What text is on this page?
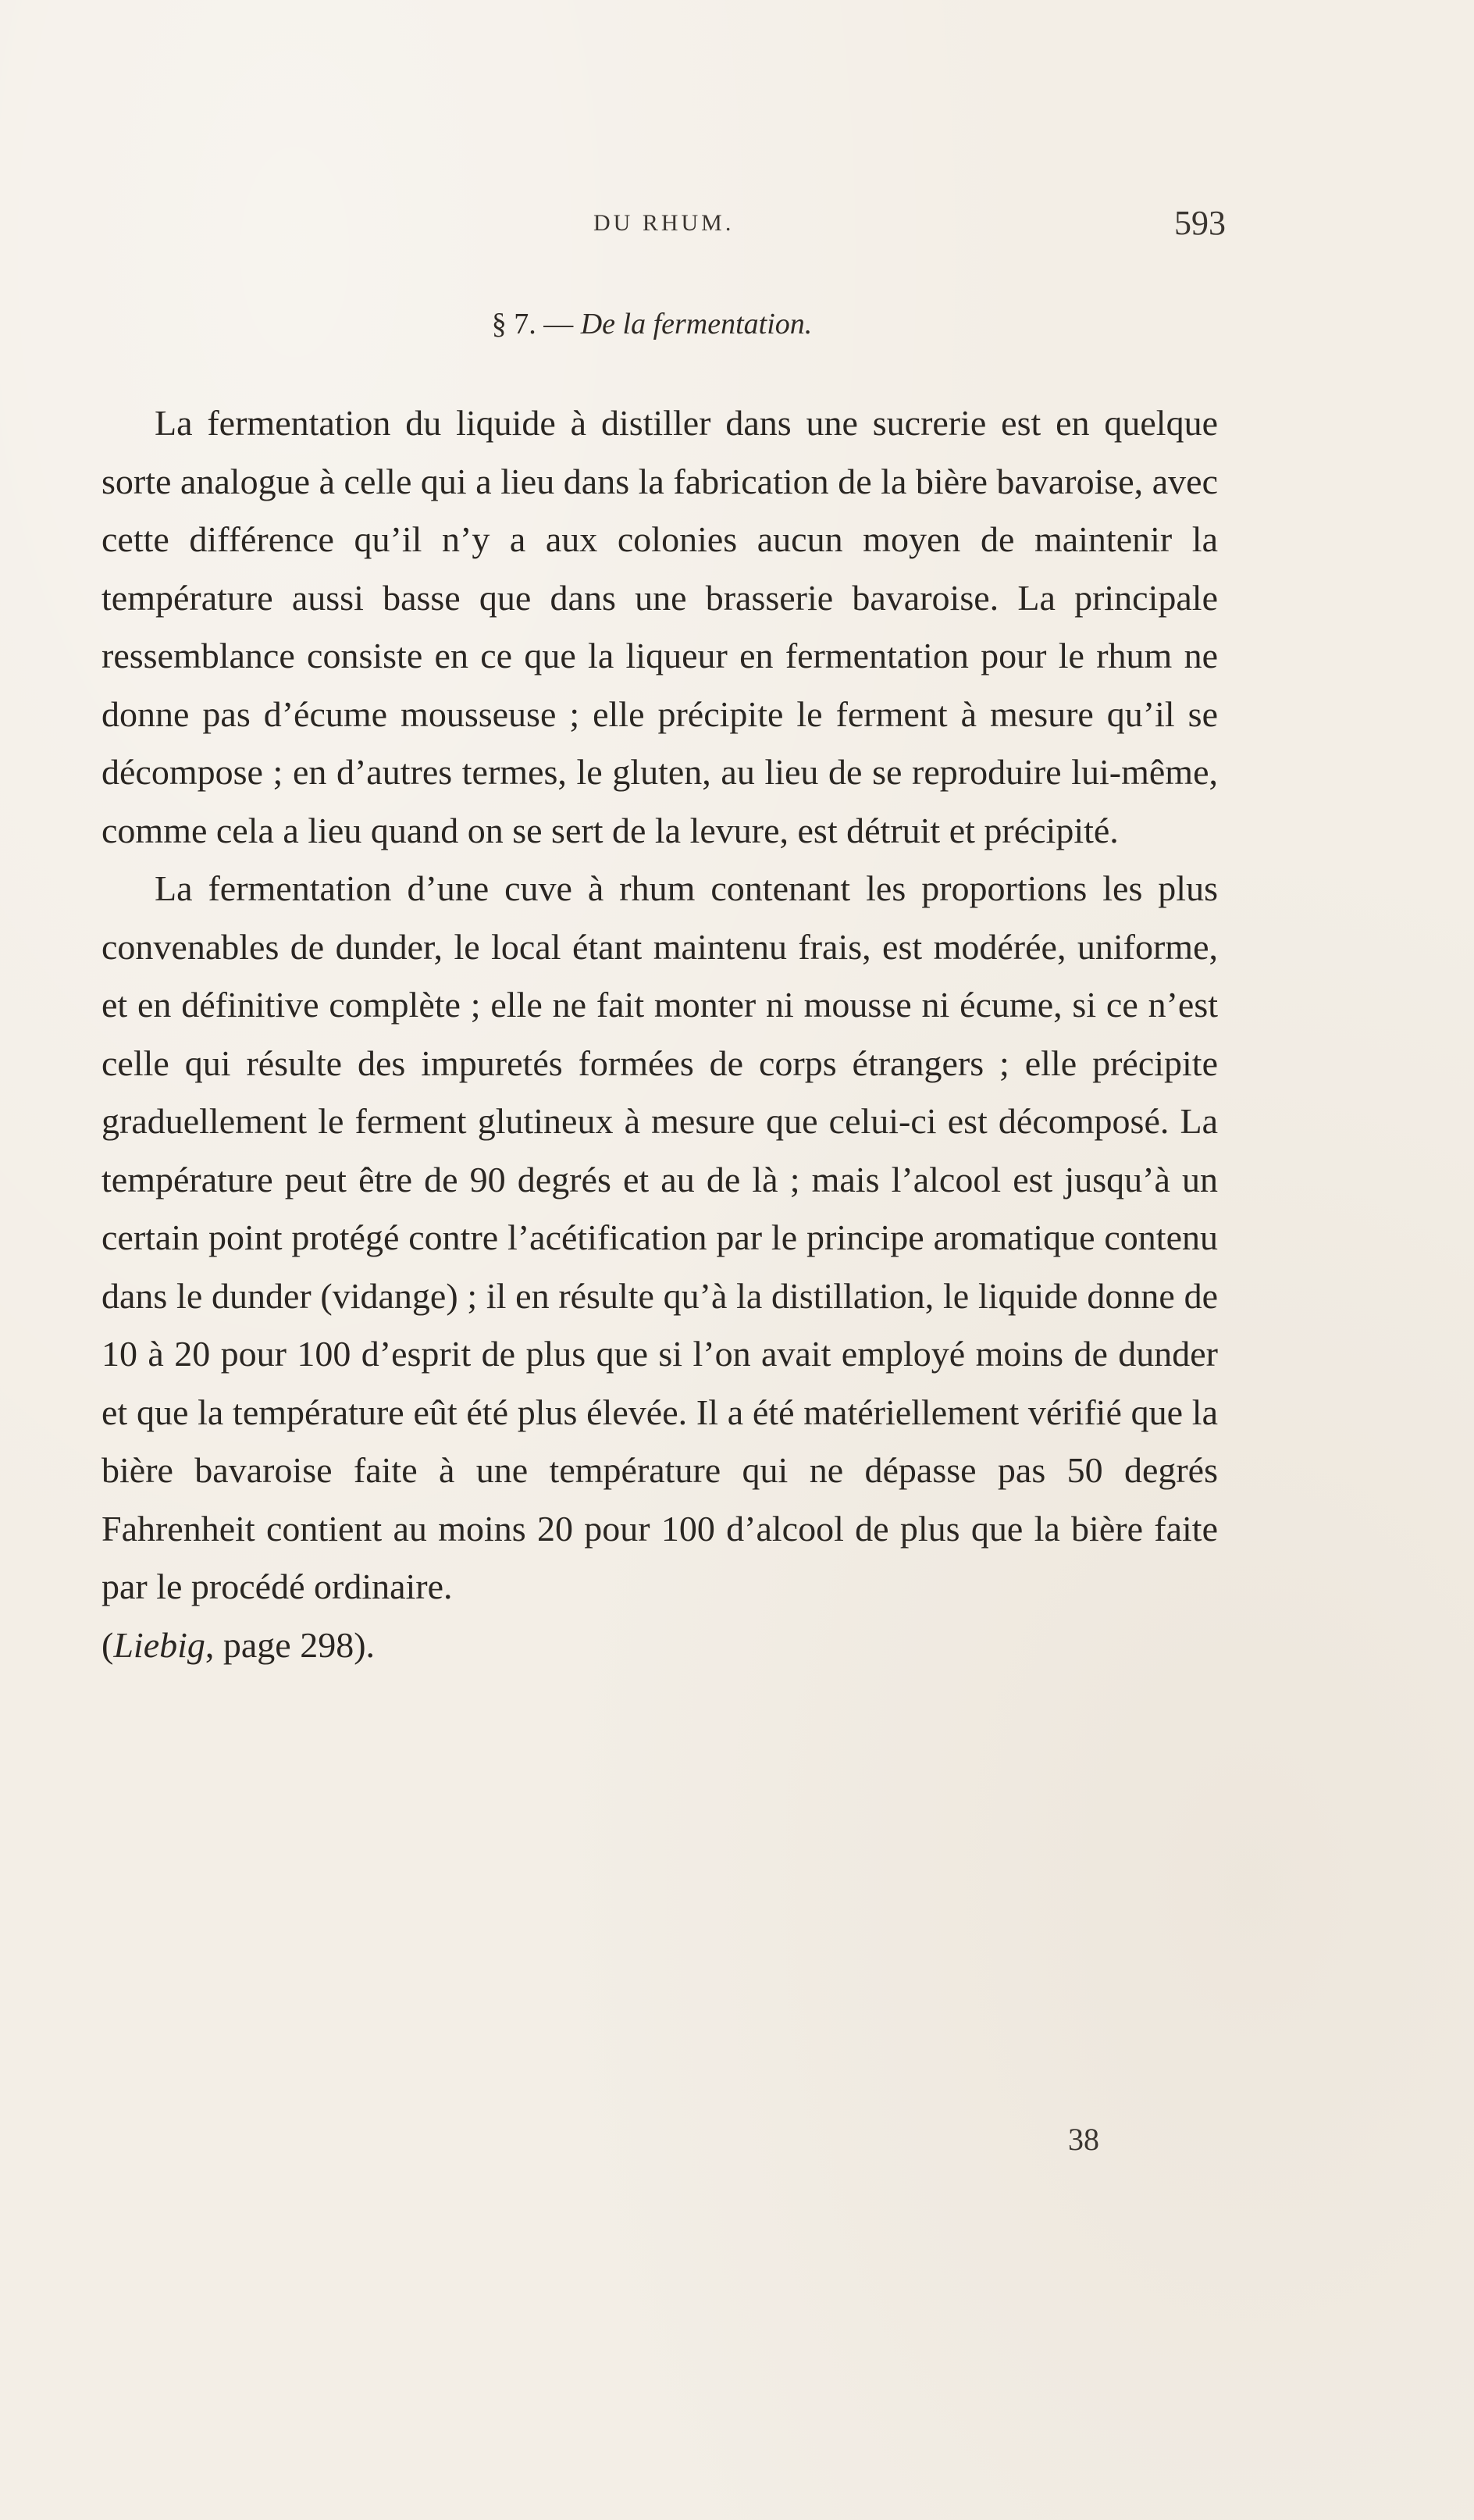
DU RHUM.	593
§ 7. — De la fermentation.

La fermentation du liquide à distiller dans une sucrerie est en quelque sorte analogue à celle qui a lieu dans la fabrication de la bière bavaroise, avec cette différence qu’il n’y a aux colonies aucun moyen de maintenir la température aussi basse que dans une brasserie bavaroise. La principale ressemblance consiste en ce que la liqueur en fermentation pour le rhum ne donne pas d’écume mousseuse ; elle précipite le ferment à mesure qu’il se décompose ; en d’autres termes, le gluten, au lieu de se reproduire lui-même, comme cela a lieu quand on se sert de la levure, est détruit et précipité.

La fermentation d’une cuve à rhum contenant les proportions les plus convenables de dunder, le local étant maintenu frais, est modérée, uniforme, et en définitive complète ; elle ne fait monter ni mousse ni écume, si ce n’est celle qui résulte des impuretés formées de corps étrangers ; elle précipite graduellement le ferment glutineux à mesure que celui-ci est décomposé. La température peut être de 90 degrés et au de là ; mais l’alcool est jusqu’à un certain point protégé contre l’acétification par le principe aromatique contenu dans le dunder (vidange) ; il en résulte qu’à la distillation, le liquide donne de 10 à 20 pour 100 d’esprit de plus que si l’on avait employé moins de dunder et que la température eût été plus élevée. Il a été matériellement vérifié que la bière bavaroise faite à une température qui ne dépasse pas 50 degrés Fahrenheit contient au moins 20 pour 100 d’alcool de plus que la bière faite par le procédé ordinaire.
(Liebig, page 298).

38
